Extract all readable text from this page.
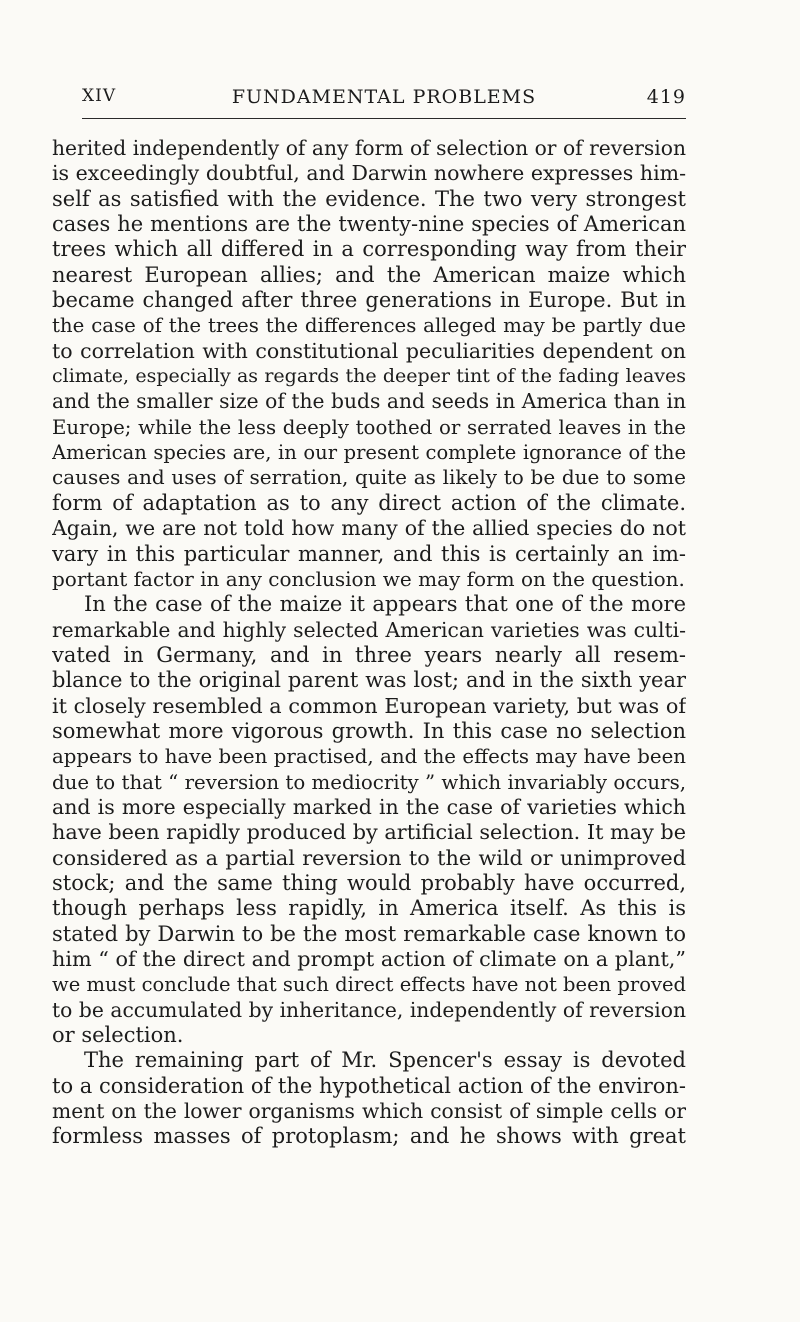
XIV	FUNDAMENTAL PROBLEMS	419
herited independently of any form of selection or of reversion
is exceedingly doubtful, and Darwin nowhere expresses him-
self as satisfied with the evidence. The two very strongest
cases he mentions are the twenty-nine species of American
trees which all differed in a corresponding way from their
nearest European allies; and the American maize which
became changed after three generations in Europe. But in
the case of the trees the differences alleged may be partly due
to correlation with constitutional peculiarities dependent on
climate, especially as regards the deeper tint of the fading leaves
and the smaller size of the buds and seeds in America than in
Europe; while the less deeply toothed or serrated leaves in the
American species are, in our present complete ignorance of the
causes and uses of serration, quite as likely to be due to some
form of adaptation as to any direct action of the climate.
Again, we are not told how many of the allied species do not
vary in this particular manner, and this is certainly an im-
portant factor in any conclusion we may form on the question.
In the case of the maize it appears that one of the more
remarkable and highly selected American varieties was culti-
vated in Germany, and in three years nearly all resem-
blance to the original parent was lost; and in the sixth year
it closely resembled a common European variety, but was of
somewhat more vigorous growth. In this case no selection
appears to have been practised, and the effects may have been
due to that “ reversion to mediocrity ” which invariably occurs,
and is more especially marked in the case of varieties which
have been rapidly produced by artificial selection. It may be
considered as a partial reversion to the wild or unimproved
stock; and the same thing would probably have occurred,
though perhaps less rapidly, in America itself. As this is
stated by Darwin to be the most remarkable case known to
him “ of the direct and prompt action of climate on a plant,”
we must conclude that such direct effects have not been proved
to be accumulated by inheritance, independently of reversion
or selection.
The remaining part of Mr. Spencer's essay is devoted
to a consideration of the hypothetical action of the environ-
ment on the lower organisms which consist of simple cells or
formless masses of protoplasm; and he shows with great
